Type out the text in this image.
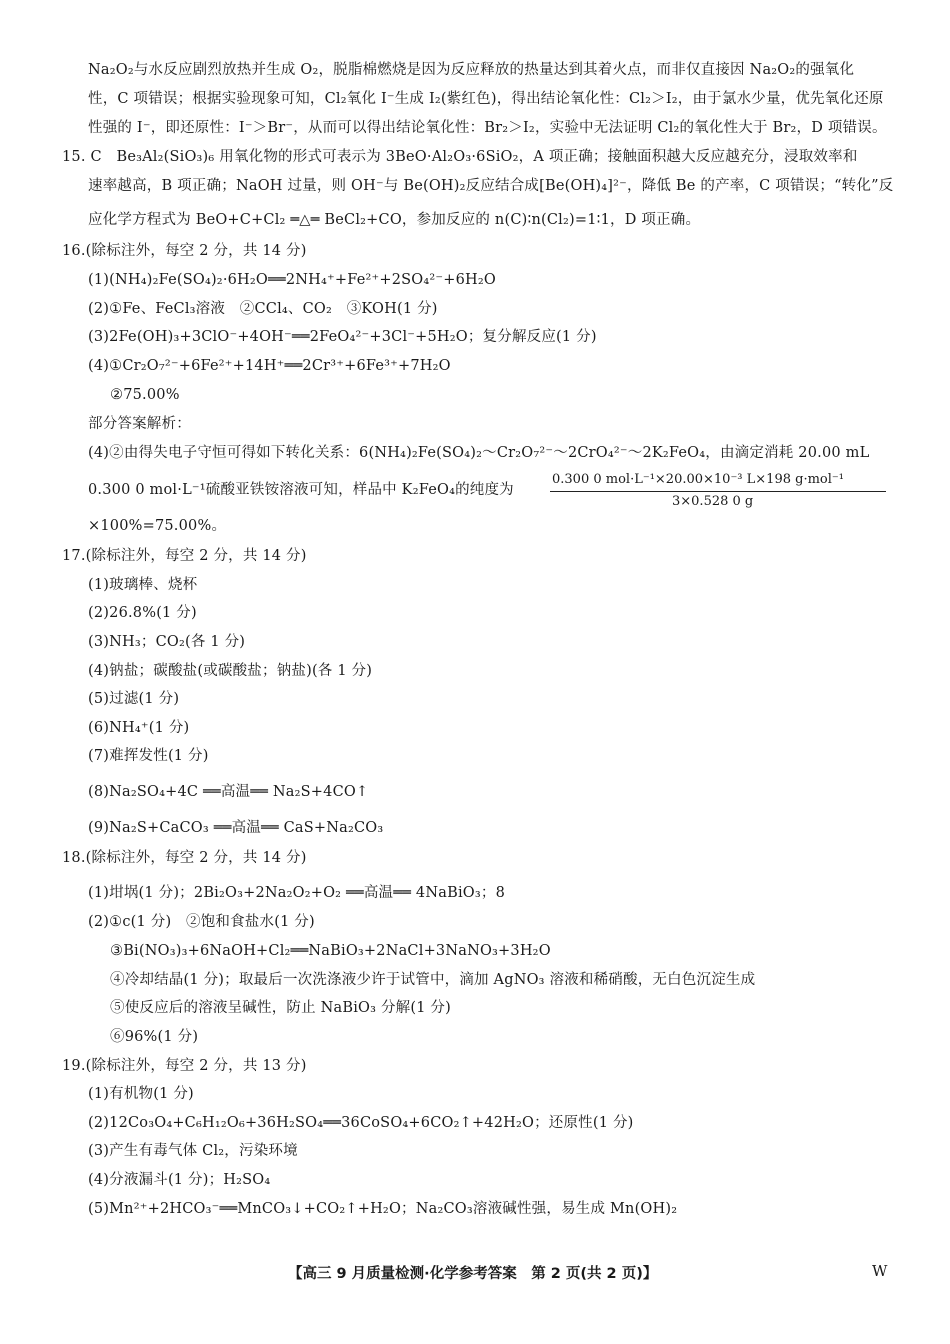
Na₂O₂与水反应剧烈放热并生成 O₂，脱脂棉燃烧是因为反应释放的热量达到其着火点，而非仅直接因 Na₂O₂的强氧化
性，C 项错误；根据实验现象可知，Cl₂氧化 I⁻生成 I₂(紫红色)，得出结论氧化性：Cl₂＞I₂，由于氯水少量，优先氧化还原
性强的 I⁻，即还原性：I⁻＞Br⁻，从而可以得出结论氧化性：Br₂＞I₂，实验中无法证明 Cl₂的氧化性大于 Br₂，D 项错误。
15. C　Be₃Al₂(SiO₃)₆ 用氧化物的形式可表示为 3BeO·Al₂O₃·6SiO₂，A 项正确；接触面积越大反应越充分，浸取效率和
速率越高，B 项正确；NaOH 过量，则 OH⁻与 Be(OH)₂反应结合成[Be(OH)₄]²⁻，降低 Be 的产率，C 项错误；“转化”反
应化学方程式为 BeO+C+Cl₂ ═△═ BeCl₂+CO，参加反应的 n(C)∶n(Cl₂)=1∶1，D 项正确。
16.(除标注外，每空 2 分，共 14 分)
(1)(NH₄)₂Fe(SO₄)₂·6H₂O══2NH₄⁺+Fe²⁺+2SO₄²⁻+6H₂O
(2)①Fe、FeCl₃溶液　②CCl₄、CO₂　③KOH(1 分)
(3)2Fe(OH)₃+3ClO⁻+4OH⁻══2FeO₄²⁻+3Cl⁻+5H₂O；复分解反应(1 分)
(4)①Cr₂O₇²⁻+6Fe²⁺+14H⁺══2Cr³⁺+6Fe³⁺+7H₂O
②75.00%
部分答案解析：
(4)②由得失电子守恒可得如下转化关系：6(NH₄)₂Fe(SO₄)₂～Cr₂O₇²⁻～2CrO₄²⁻～2K₂FeO₄，由滴定消耗 20.00 mL
0.300 0 mol·L⁻¹硫酸亚铁铵溶液可知，样品中 K₂FeO₄的纯度为
0.300 0 mol·L⁻¹×20.00×10⁻³ L×198 g·mol⁻¹
3×0.528 0 g
×100%=75.00%。
17.(除标注外，每空 2 分，共 14 分)
(1)玻璃棒、烧杯
(2)26.8%(1 分)
(3)NH₃；CO₂(各 1 分)
(4)钠盐；碳酸盐(或碳酸盐；钠盐)(各 1 分)
(5)过滤(1 分)
(6)NH₄⁺(1 分)
(7)难挥发性(1 分)
(8)Na₂SO₄+4C ══高温══ Na₂S+4CO↑
(9)Na₂S+CaCO₃ ══高温══ CaS+Na₂CO₃
18.(除标注外，每空 2 分，共 14 分)
(1)坩埚(1 分)；2Bi₂O₃+2Na₂O₂+O₂ ══高温══ 4NaBiO₃；8
(2)①c(1 分)　②饱和食盐水(1 分)
③Bi(NO₃)₃+6NaOH+Cl₂══NaBiO₃+2NaCl+3NaNO₃+3H₂O
④冷却结晶(1 分)；取最后一次洗涤液少许于试管中，滴加 AgNO₃ 溶液和稀硝酸，无白色沉淀生成
⑤使反应后的溶液呈碱性，防止 NaBiO₃ 分解(1 分)
⑥96%(1 分)
19.(除标注外，每空 2 分，共 13 分)
(1)有机物(1 分)
(2)12Co₃O₄+C₆H₁₂O₆+36H₂SO₄══36CoSO₄+6CO₂↑+42H₂O；还原性(1 分)
(3)产生有毒气体 Cl₂，污染环境
(4)分液漏斗(1 分)；H₂SO₄
(5)Mn²⁺+2HCO₃⁻══MnCO₃↓+CO₂↑+H₂O；Na₂CO₃溶液碱性强，易生成 Mn(OH)₂
【高三 9 月质量检测·化学参考答案　第 2 页(共 2 页)】	W
